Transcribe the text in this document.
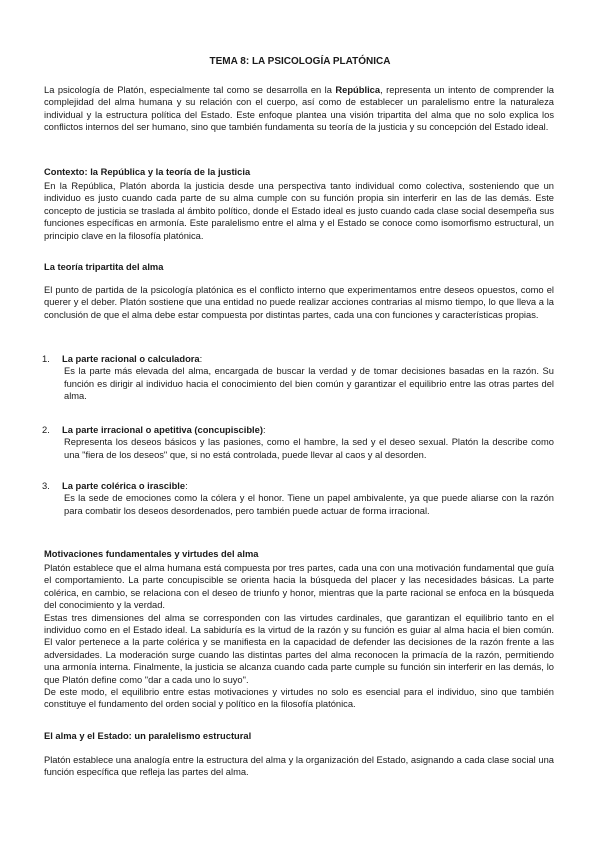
TEMA 8: LA PSICOLOGÍA PLATÓNICA

La psicología de Platón, especialmente tal como se desarrolla en la República, representa un intento de comprender la complejidad del alma humana y su relación con el cuerpo, así como de establecer un paralelismo entre la naturaleza individual y la estructura política del Estado. Este enfoque plantea una visión tripartita del alma que no solo explica los conflictos internos del ser humano, sino que también fundamenta su teoría de la justicia y su concepción del Estado ideal.

Contexto: la República y la teoría de la justicia

En la República, Platón aborda la justicia desde una perspectiva tanto individual como colectiva, sosteniendo que un individuo es justo cuando cada parte de su alma cumple con su función propia sin interferir en las de las demás. Este concepto de justicia se traslada al ámbito político, donde el Estado ideal es justo cuando cada clase social desempeña sus funciones específicas en armonía. Este paralelismo entre el alma y el Estado se conoce como isomorfismo estructural, un principio clave en la filosofía platónica.

La teoría tripartita del alma

El punto de partida de la psicología platónica es el conflicto interno que experimentamos entre deseos opuestos, como el querer y el deber. Platón sostiene que una entidad no puede realizar acciones contrarias al mismo tiempo, lo que lleva a la conclusión de que el alma debe estar compuesta por distintas partes, cada una con funciones y características propias.

1. La parte racional o calculadora:
Es la parte más elevada del alma, encargada de buscar la verdad y de tomar decisiones basadas en la razón. Su función es dirigir al individuo hacia el conocimiento del bien común y garantizar el equilibrio entre las otras partes del alma.
2. La parte irracional o apetitiva (concupiscible):
Representa los deseos básicos y las pasiones, como el hambre, la sed y el deseo sexual. Platón la describe como una "fiera de los deseos" que, si no está controlada, puede llevar al caos y al desorden.
3. La parte colérica o irascible:
Es la sede de emociones como la cólera y el honor. Tiene un papel ambivalente, ya que puede aliarse con la razón para combatir los deseos desordenados, pero también puede actuar de forma irracional.
Motivaciones fundamentales y virtudes del alma

Platón establece que el alma humana está compuesta por tres partes, cada una con una motivación fundamental que guía el comportamiento. La parte concupiscible se orienta hacia la búsqueda del placer y las necesidades básicas. La parte colérica, en cambio, se relaciona con el deseo de triunfo y honor, mientras que la parte racional se enfoca en la búsqueda del conocimiento y la verdad.

Estas tres dimensiones del alma se corresponden con las virtudes cardinales, que garantizan el equilibrio tanto en el individuo como en el Estado ideal. La sabiduría es la virtud de la razón y su función es guiar al alma hacia el bien común. El valor pertenece a la parte colérica y se manifiesta en la capacidad de defender las decisiones de la razón frente a las adversidades. La moderación surge cuando las distintas partes del alma reconocen la primacía de la razón, permitiendo una armonía interna. Finalmente, la justicia se alcanza cuando cada parte cumple su función sin interferir en las demás, lo que Platón define como "dar a cada uno lo suyo".

De este modo, el equilibrio entre estas motivaciones y virtudes no solo es esencial para el individuo, sino que también constituye el fundamento del orden social y político en la filosofía platónica.

El alma y el Estado: un paralelismo estructural

Platón establece una analogía entre la estructura del alma y la organización del Estado, asignando a cada clase social una función específica que refleja las partes del alma.
